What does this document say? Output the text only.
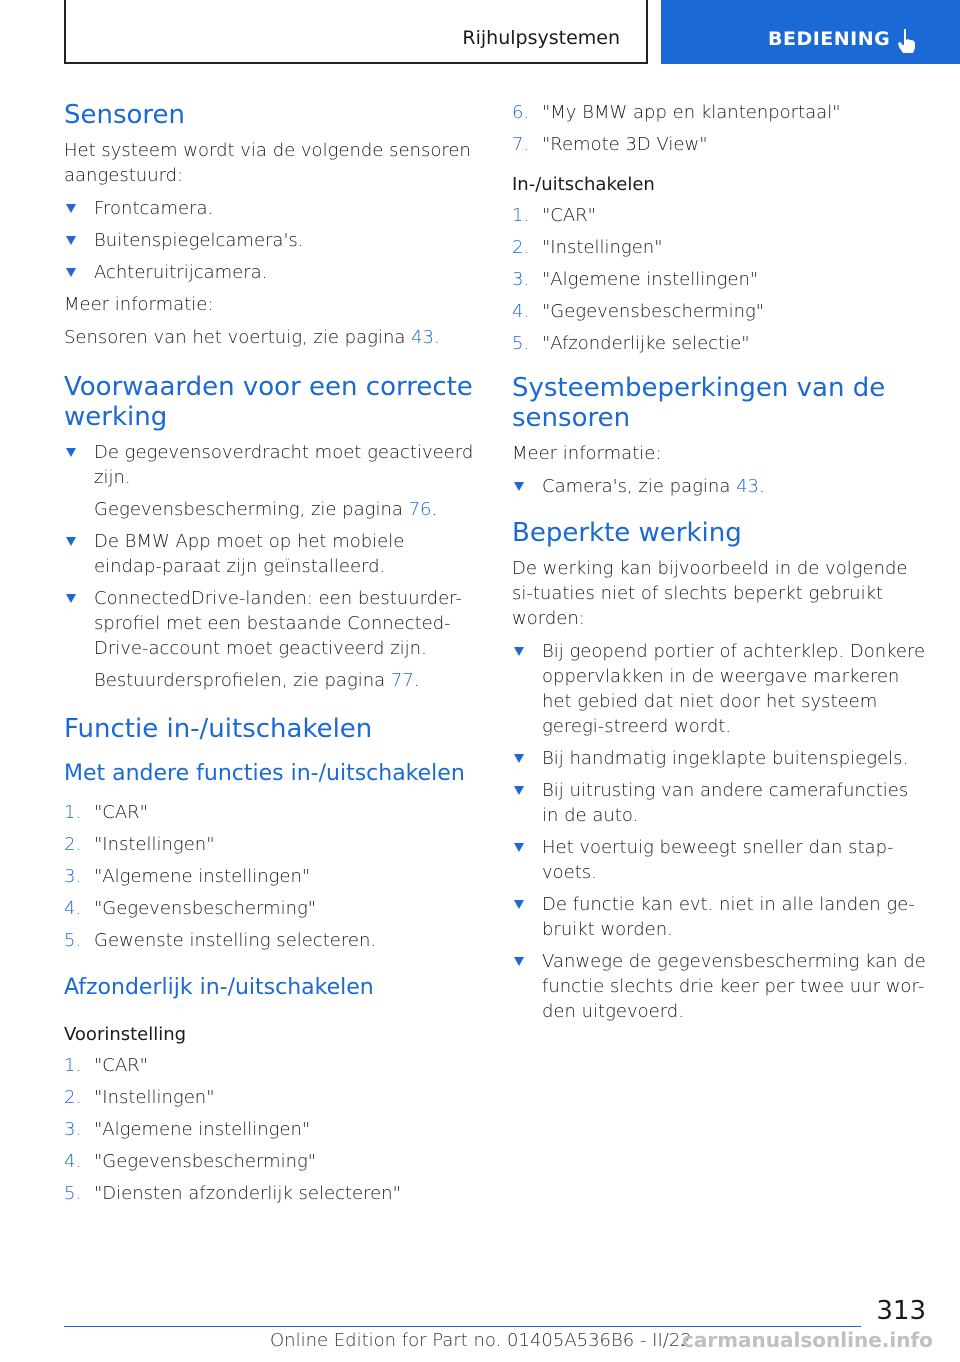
Rijhulpsystemen	BEDIENING
Sensoren

Het systeem wordt via de volgende sensoren aangestuurd:

Frontcamera.
Buitenspiegelcamera's.
Achteruitrijcamera.

Meer informatie:

Sensoren van het voertuig, zie pagina 43.

Voorwaarden voor een correcte werking
De gegevensoverdracht moet geactiveerd zijn.
Gegevensbescherming, zie pagina 76.
De BMW App moet op het mobiele eindap-paraat zijn geïnstalleerd.
ConnectedDrive-landen: een bestuurder-sprofiel met een bestaande Connected-Drive-account moet geactiveerd zijn.
Bestuurdersprofielen, zie pagina 77.
Functie in-/uitschakelen
Met andere functies in-/uitschakelen
1. "CAR"
2. "Instellingen"
3. "Algemene instellingen"
4. "Gegevensbescherming"
5. Gewenste instelling selecteren.
Afzonderlijk in-/uitschakelen
Voorinstelling
1. "CAR"
2. "Instellingen"
3. "Algemene instellingen"
4. "Gegevensbescherming"
5. "Diensten afzonderlijk selecteren"
6. "My BMW app en klantenportaal"
7. "Remote 3D View"
In-/uitschakelen
1. "CAR"
2. "Instellingen"
3. "Algemene instellingen"
4. "Gegevensbescherming"
5. "Afzonderlijke selectie"
Systeembeperkingen van de sensoren

Meer informatie:

Camera's, zie pagina 43.
Beperkte werking

De werking kan bijvoorbeeld in de volgende si-tuaties niet of slechts beperkt gebruikt worden:

Bij geopend portier of achterklep. Donkere oppervlakken in de weergave markeren het gebied dat niet door het systeem geregi-streerd wordt.
Bij handmatig ingeklapte buitenspiegels.
Bij uitrusting van andere camerafuncties in de auto.
Het voertuig beweegt sneller dan stap-voets.
De functie kan evt. niet in alle landen ge-bruikt worden.
Vanwege de gegevensbescherming kan de functie slechts drie keer per twee uur wor-den uitgevoerd.
313
Online Edition for Part no. 01405A536B6 - II/22
carmanualsonline.info
